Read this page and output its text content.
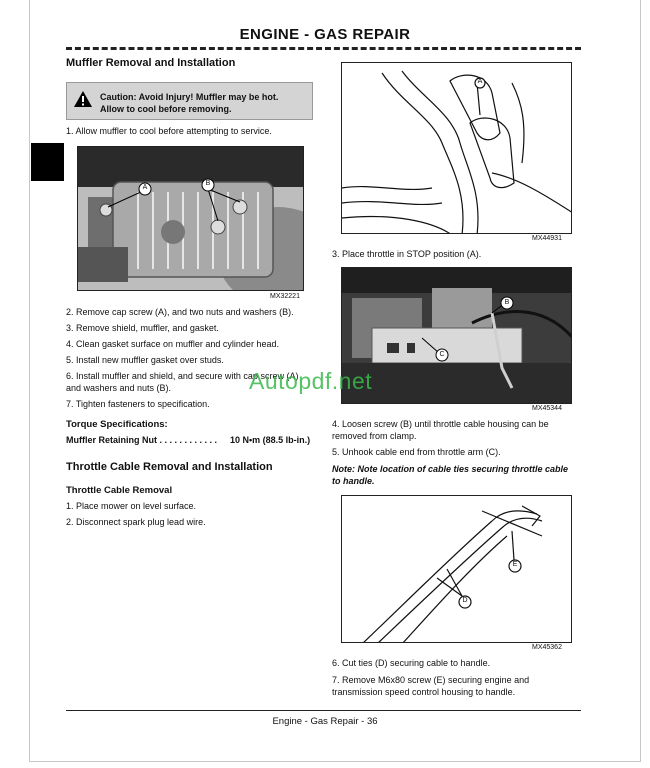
ENGINE - GAS REPAIR
Muffler Removal and Installation
Caution: Avoid Injury! Muffler may be hot.
Allow to cool before removing.
1. Allow muffler to cool before attempting to service.
A
B
MX32221
2. Remove cap screw (A), and two nuts and washers (B).
3. Remove shield, muffler, and gasket.
4. Clean gasket surface on muffler and cylinder head.
5. Install new muffler gasket over studs.
6. Install muffler and shield, and secure with cap screw (A)
and washers and nuts (B).
7. Tighten fasteners to specification.
Torque Specifications:
Muffler Retaining Nut . . . . . . . . . . . . 10 N•m (88.5 lb-in.)
Throttle Cable Removal and Installation
Throttle Cable Removal
1. Place mower on level surface.
2. Disconnect spark plug lead wire.
A
MX44931
3. Place throttle in STOP position (A).
B
C
MX45344
4. Loosen screw (B) until throttle cable housing can be
removed from clamp.
5. Unhook cable end from throttle arm (C).
Note: Note location of cable ties securing throttle cable
to handle.
D
E
MX45362
6. Cut ties (D) securing cable to handle.
7. Remove M6x80 screw (E) securing engine and
transmission speed control housing to handle.
Autopdf.net
Engine - Gas Repair - 36
